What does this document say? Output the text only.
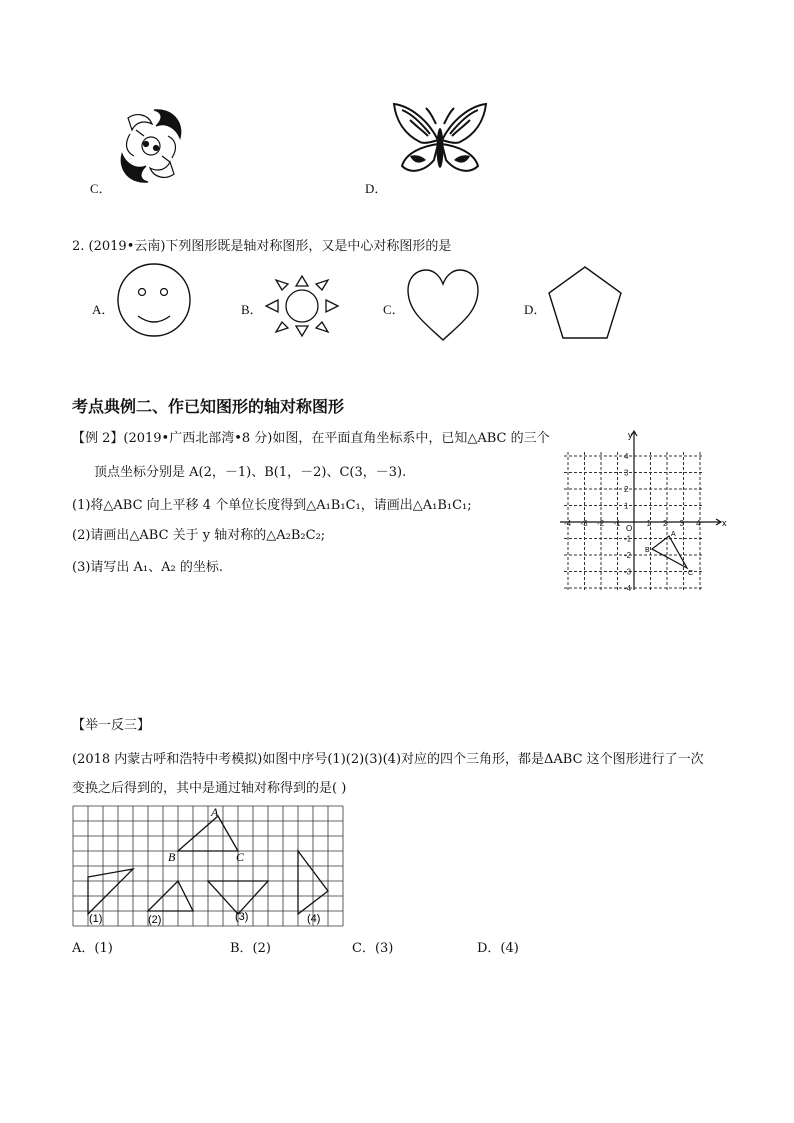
C．	D．
2. (2019•云南)下列图形既是轴对称图形，又是中心对称图形的是
A．	B．	C．	D．
考点典例二、作已知图形的轴对称图形
【例 2】(2019•广西北部湾•8 分)如图，在平面直角坐标系中，已知△ABC 的三个
顶点坐标分别是 A(2，－1)、B(1，－2)、C(3，－3).
(1)将△ABC 向上平移 4 个单位长度得到△A₁B₁C₁，请画出△A₁B₁C₁;
(2)请画出△ABC 关于 y 轴对称的△A₂B₂C₂;
(3)请写出 A₁、A₂ 的坐标.
-4 -3 -2 -1	1 2 3 4
4
3
2
1
-1
-2
-3
-4
x
y
O
A
B
C
【举一反三】
(2018 内蒙古呼和浩特中考模拟)如图中序号(1)(2)(3)(4)对应的四个三角形，都是ΔABC 这个图形进行了一次
变换之后得到的，其中是通过轴对称得到的是( )
A
B	C
(1)	(2)	(3)	(4)
A．(1)	B．(2)	C．(3)	D．(4)
